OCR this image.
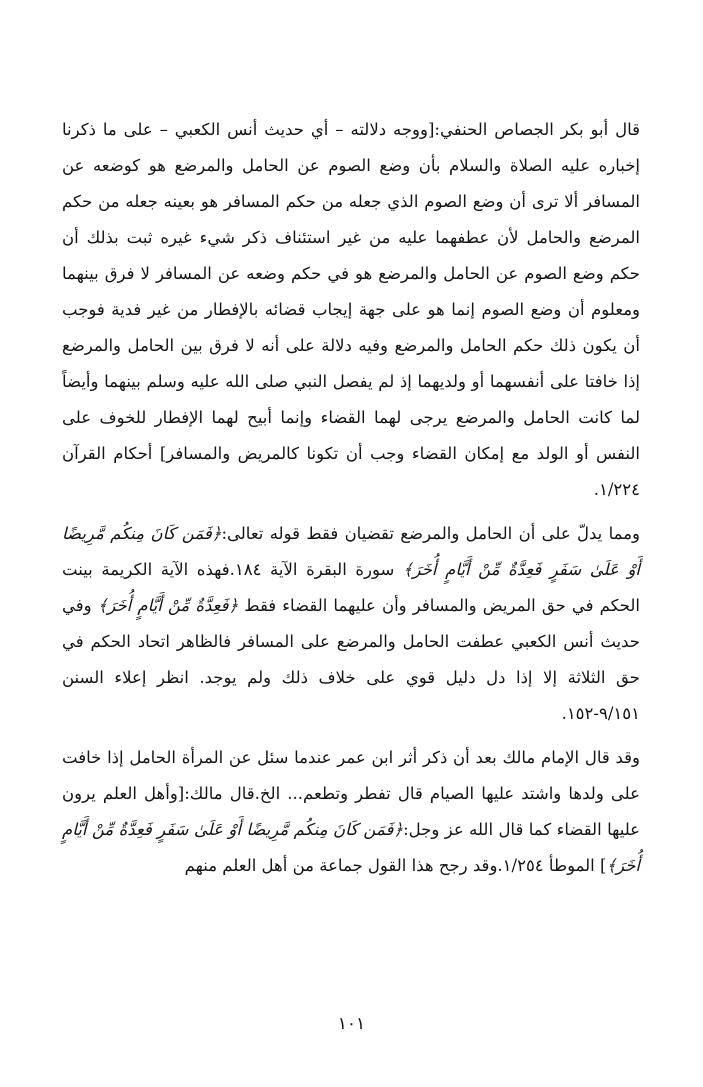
قال أبو بكر الجصاص الحنفي:[ووجه دلالته – أي حديث أنس الكعبي – على ما ذكرنا إخباره عليه الصلاة والسلام بأن وضع الصوم عن الحامل والمرضع هو كوضعه عن المسافر ألا ترى أن وضع الصوم الذي جعله من حكم المسافر هو بعينه جعله من حكم المرضع والحامل لأن عطفهما عليه من غير استئناف ذكر شيء غيره ثبت بذلك أن حكم وضع الصوم عن الحامل والمرضع هو في حكم وضعه عن المسافر لا فرق بينهما ومعلوم أن وضع الصوم إنما هو على جهة إيجاب قضائه بالإفطار من غير فدية فوجب أن يكون ذلك حكم الحامل والمرضع وفيه دلالة على أنه لا فرق بين الحامل والمرضع إذا خافتا على أنفسهما أو ولديهما إذ لم يفصل النبي صلى الله عليه وسلم بينهما وأيضاً لما كانت الحامل والمرضع يرجى لهما القضاء وإنما أبيح لهما الإفطار للخوف على النفس أو الولد مع إمكان القضاء وجب أن تكونا كالمريض والمسافر] أحكام القرآن ١/٢٢٤.

ومما يدلّ على أن الحامل والمرضع تقضيان فقط قوله تعالى:﴿فَمَن كَانَ مِنكُم مَّرِيضًا أَوْ عَلَىٰ سَفَرٍ فَعِدَّةٌ مِّنْ أَيَّامٍ أُخَرَ﴾ سورة البقرة الآية ١٨٤.فهذه الآية الكريمة بينت الحكم في حق المريض والمسافر وأن عليهما القضاء فقط ﴿فَعِدَّةٌ مِّنْ أَيَّامٍ أُخَرَ﴾ وفي حديث أنس الكعبي عطفت الحامل والمرضع على المسافر فالظاهر اتحاد الحكم في حق الثلاثة إلا إذا دل دليل قوي على خلاف ذلك ولم يوجد. انظر إعلاء السنن ٩/١٥١-١٥٢.

وقد قال الإمام مالك بعد أن ذكر أثر ابن عمر عندما سئل عن المرأة الحامل إذا خافت على ولدها واشتد عليها الصيام قال تفطر وتطعم... الخ.قال مالك:[وأهل العلم يرون عليها القضاء كما قال الله عز وجل:﴿فَمَن كَانَ مِنكُم مَّرِيضًا أَوْ عَلَىٰ سَفَرٍ فَعِدَّةٌ مِّنْ أَيَّامٍ أُخَرَ﴾] الموطأ ١/٢٥٤.وقد رجح هذا القول جماعة من أهل العلم منهم

١٠١
